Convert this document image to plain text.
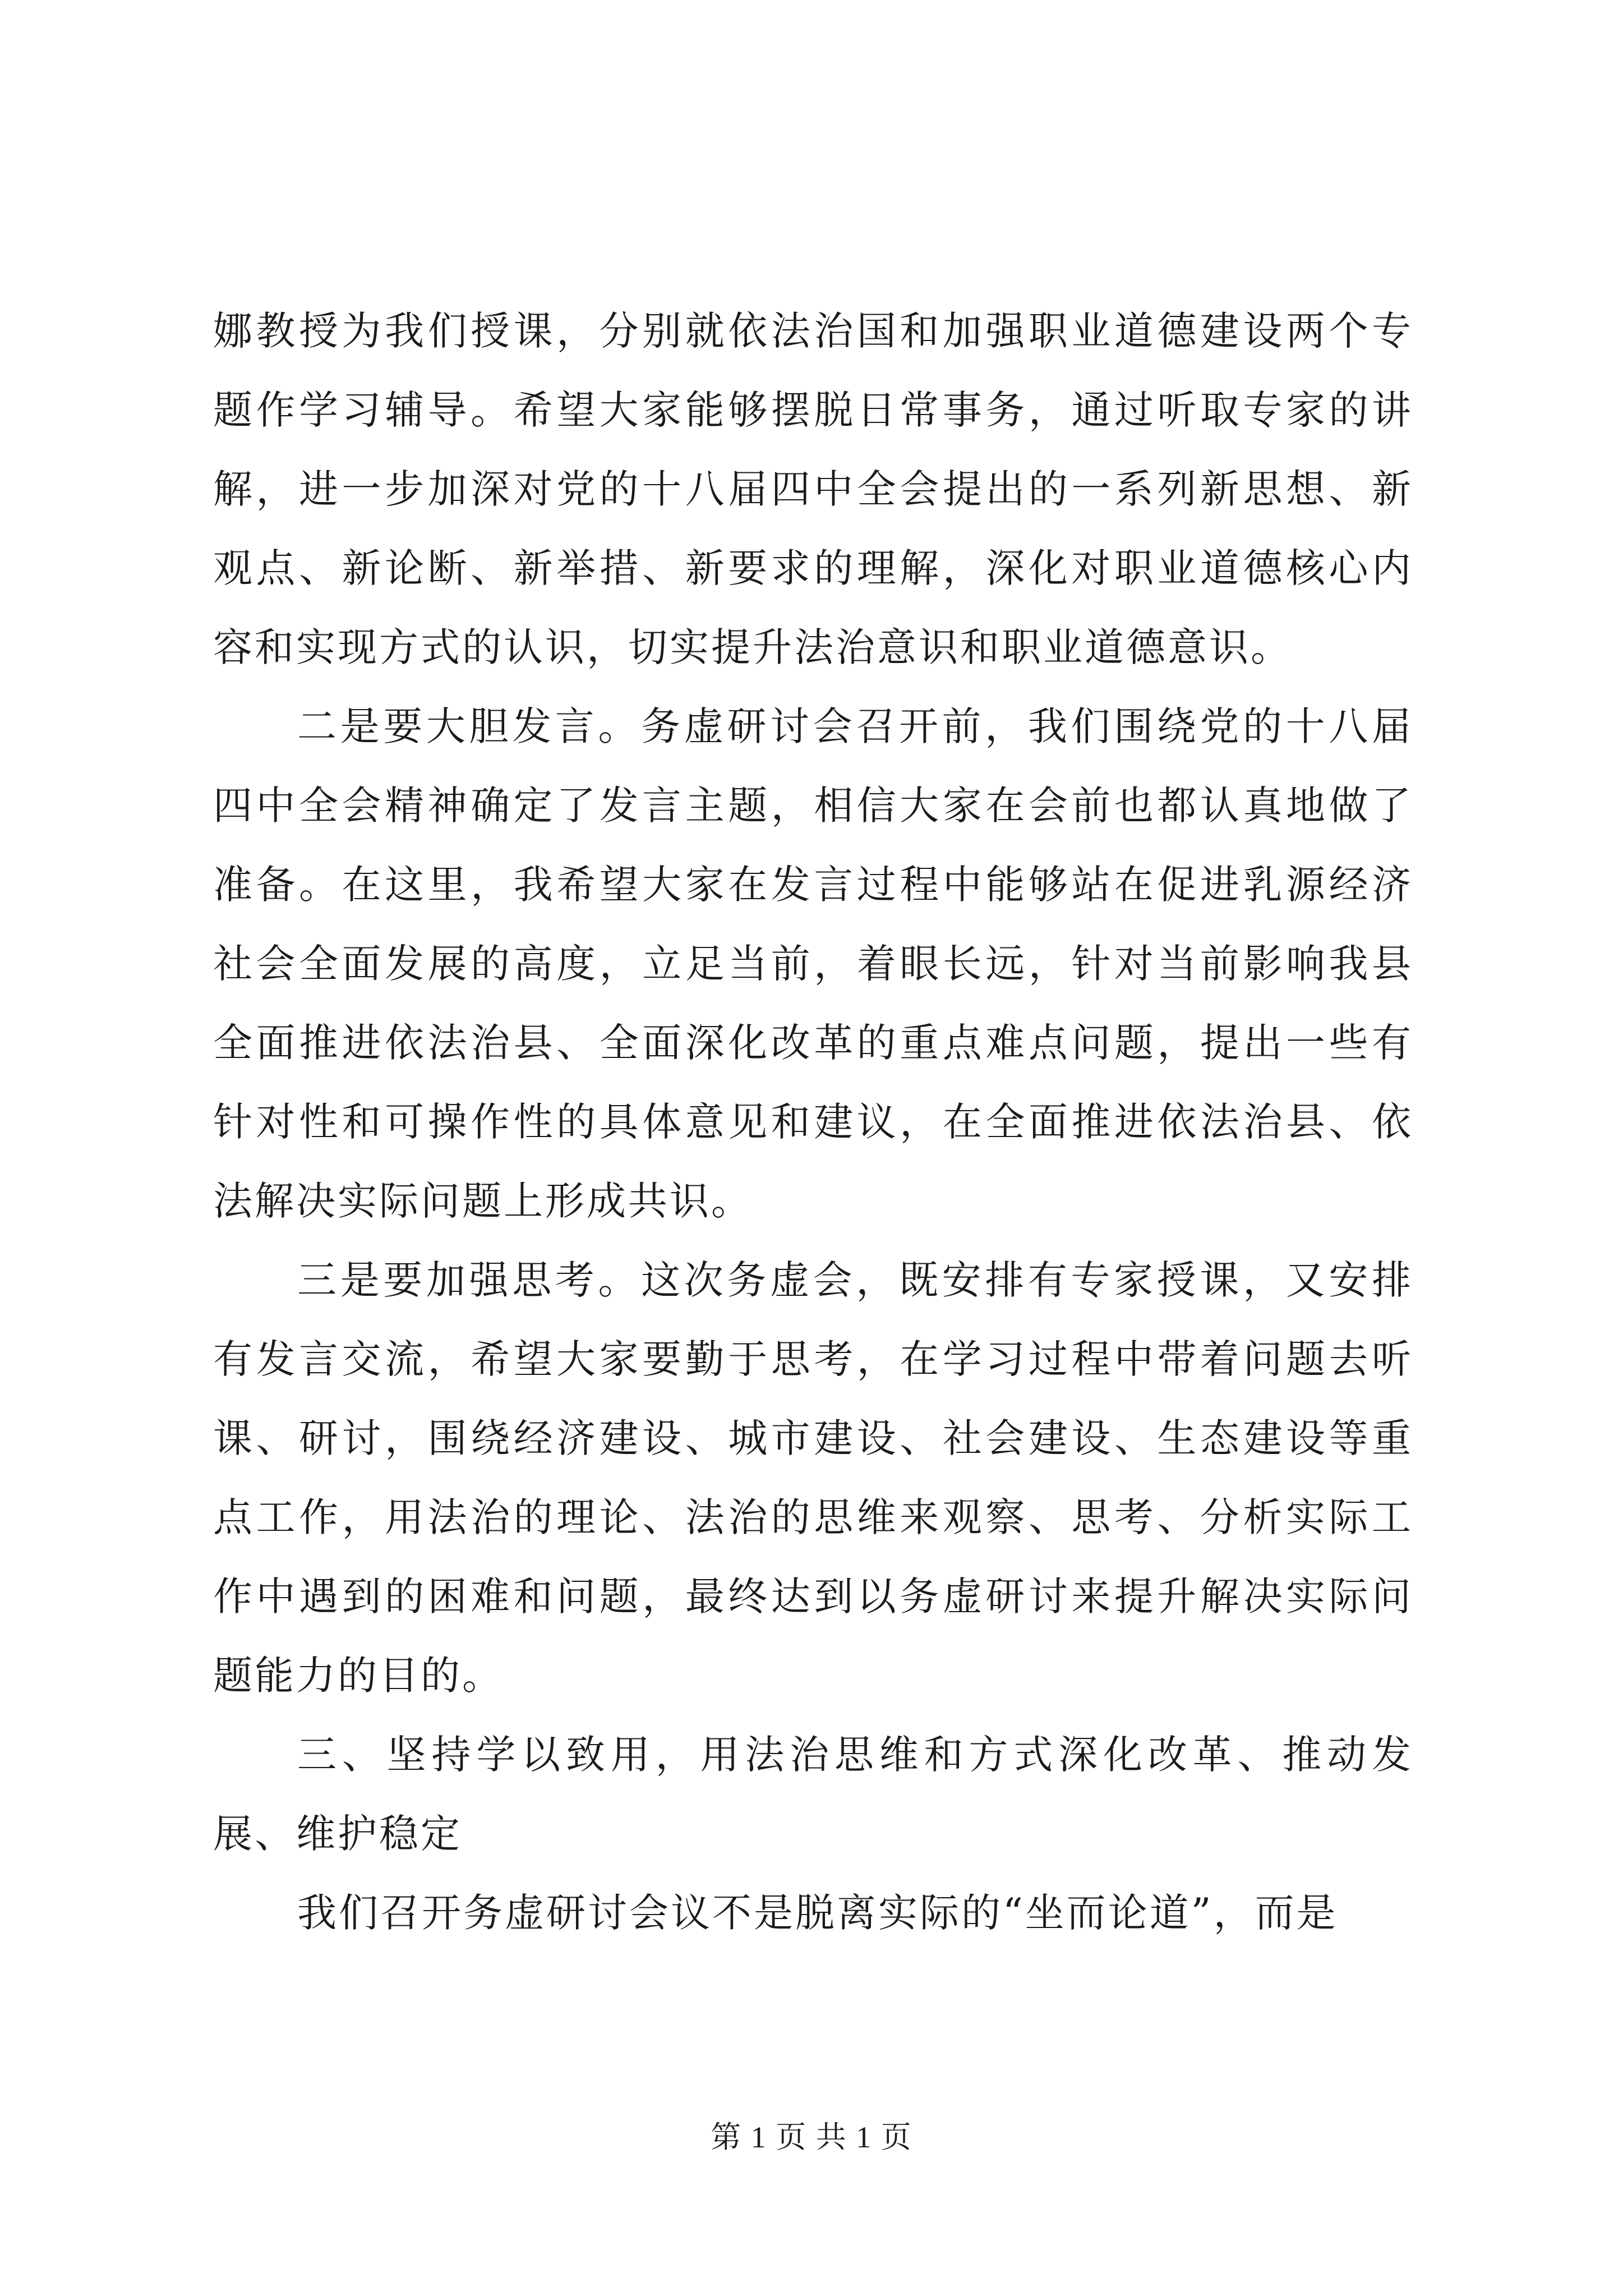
娜教授为我们授课，分别就依法治国和加强职业道德建设两个专题作学习辅导。希望大家能够摆脱日常事务，通过听取专家的讲解，进一步加深对党的十八届四中全会提出的一系列新思想、新观点、新论断、新举措、新要求的理解，深化对职业道德核心内容和实现方式的认识，切实提升法治意识和职业道德意识。

二是要大胆发言。务虚研讨会召开前，我们围绕党的十八届四中全会精神确定了发言主题，相信大家在会前也都认真地做了准备。在这里，我希望大家在发言过程中能够站在促进乳源经济社会全面发展的高度，立足当前，着眼长远，针对当前影响我县全面推进依法治县、全面深化改革的重点难点问题，提出一些有针对性和可操作性的具体意见和建议，在全面推进依法治县、依法解决实际问题上形成共识。

三是要加强思考。这次务虚会，既安排有专家授课，又安排有发言交流，希望大家要勤于思考，在学习过程中带着问题去听课、研讨，围绕经济建设、城市建设、社会建设、生态建设等重点工作，用法治的理论、法治的思维来观察、思考、分析实际工作中遇到的困难和问题，最终达到以务虚研讨来提升解决实际问题能力的目的。

三、坚持学以致用，用法治思维和方式深化改革、推动发展、维护稳定

我们召开务虚研讨会议不是脱离实际的“坐而论道”，而是

第 1 页 共 1 页
